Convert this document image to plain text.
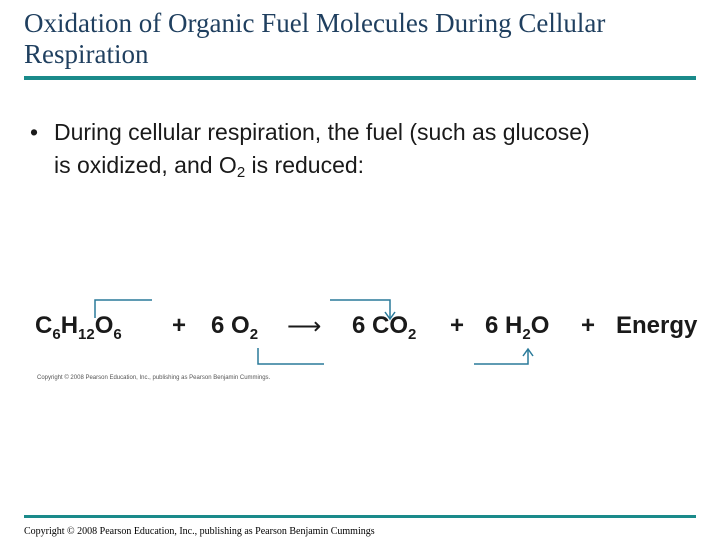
Oxidation of Organic Fuel Molecules During Cellular Respiration
• During cellular respiration, the fuel (such as glucose)
is oxidized, and $O_2$ is reduced:
$C_6H_{12}O_6 + 6$ $O_2$ ⟶ 6 $CO_2 + 6$ $H_2O$ + Energy
Copyright © 2008 Pearson Education, Inc., publishing as Pearson Benjamin Cummings.
Copyright © 2008 Pearson Education, Inc., publishing as Pearson Benjamin Cummings
